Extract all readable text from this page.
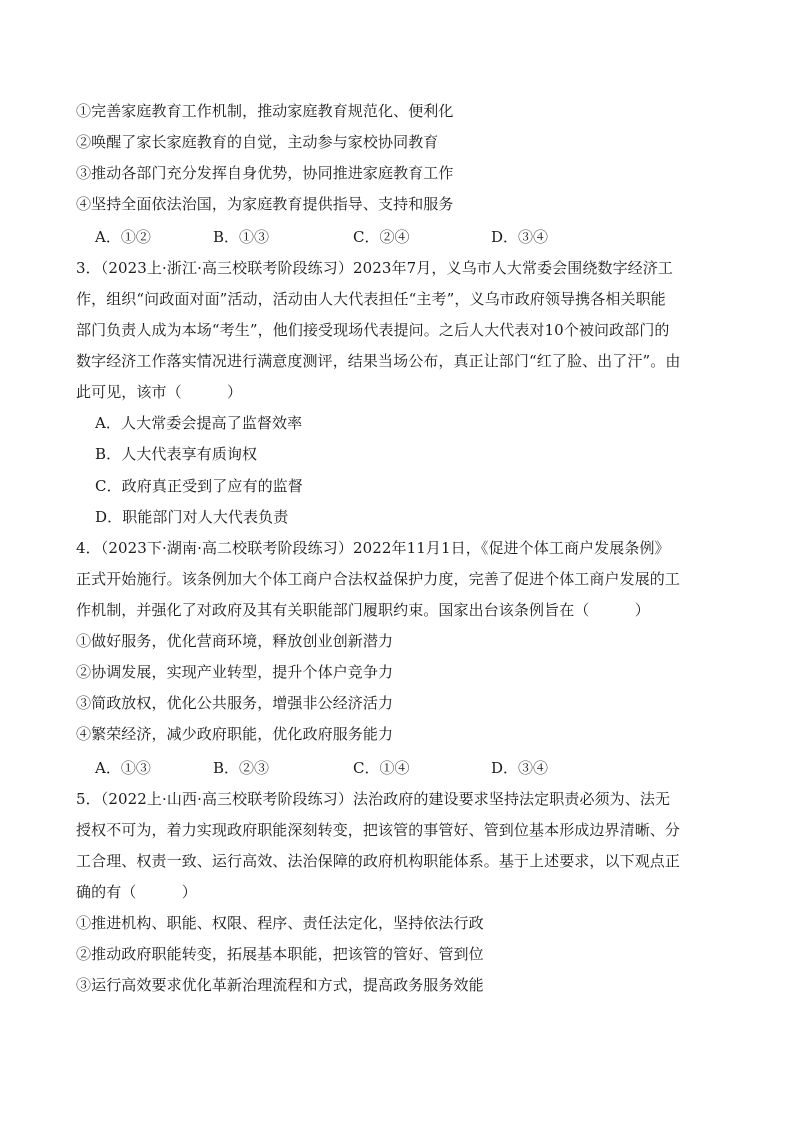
①完善家庭教育工作机制，推动家庭教育规范化、便利化
②唤醒了家长家庭教育的自觉，主动参与家校协同教育
③推动各部门充分发挥自身优势，协同推进家庭教育工作
④坚持全面依法治国，为家庭教育提供指导、支持和服务
A．①②	B．①③	C．②④	D．③④
3．（2023上·浙江·高三校联考阶段练习）2023年7月，义乌市人大常委会围绕数字经济工
作，组织“问政面对面”活动，活动由人大代表担任“主考”，义乌市政府领导携各相关职能
部门负责人成为本场“考生”，他们接受现场代表提问。之后人大代表对10个被问政部门的
数字经济工作落实情况进行满意度测评，结果当场公布，真正让部门“红了脸、出了汗”。由
此可见，该市（　　　）
A．人大常委会提高了监督效率
B．人大代表享有质询权
C．政府真正受到了应有的监督
D．职能部门对人大代表负责
4．（2023下·湖南·高二校联考阶段练习）2022年11月1日，《促进个体工商户发展条例》
正式开始施行。该条例加大个体工商户合法权益保护力度，完善了促进个体工商户发展的工
作机制，并强化了对政府及其有关职能部门履职约束。国家出台该条例旨在（　　　）
①做好服务，优化营商环境，释放创业创新潜力
②协调发展，实现产业转型，提升个体户竞争力
③简政放权，优化公共服务，增强非公经济活力
④繁荣经济，减少政府职能，优化政府服务能力
A．①③	B．②③	C．①④	D．③④
5．（2022上·山西·高三校联考阶段练习）法治政府的建设要求坚持法定职责必须为、法无
授权不可为，着力实现政府职能深刻转变，把该管的事管好、管到位基本形成边界清晰、分
工合理、权责一致、运行高效、法治保障的政府机构职能体系。基于上述要求，以下观点正
确的有（　　　）
①推进机构、职能、权限、程序、责任法定化，坚持依法行政
②推动政府职能转变，拓展基本职能，把该管的管好、管到位
③运行高效要求优化革新治理流程和方式，提高政务服务效能
